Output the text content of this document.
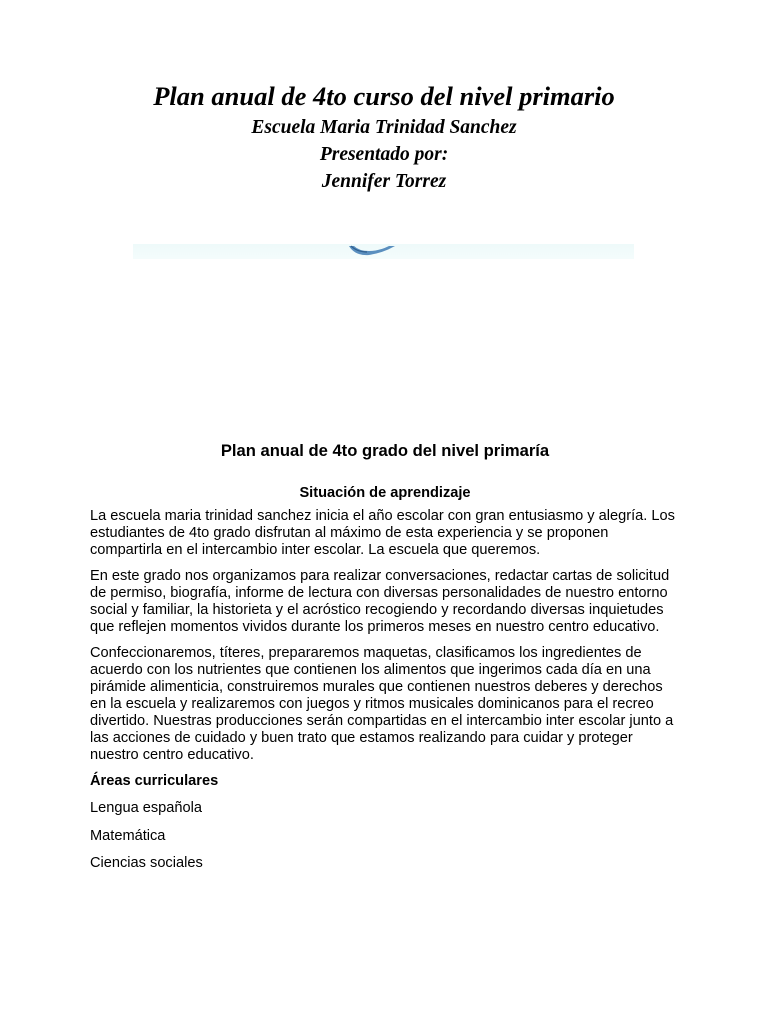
Plan anual de 4to curso del nivel primario

Escuela Maria Trinidad Sanchez

Presentado por:

Jennifer Torrez

Plan anual de 4to grado del nivel primaría

Situación de aprendizaje

La escuela maria trinidad sanchez inicia el año escolar con gran entusiasmo y alegría. Los estudiantes de 4to grado disfrutan al máximo de esta experiencia y se proponen compartirla en el intercambio inter escolar. La escuela que queremos.

En este grado nos organizamos para realizar conversaciones, redactar cartas de solicitud de permiso, biografía, informe de lectura con diversas personalidades de nuestro entorno social y familiar, la historieta y el acróstico recogiendo y recordando diversas inquietudes que reflejen momentos vividos durante los primeros meses en nuestro centro educativo.

Confeccionaremos, títeres, prepararemos maquetas, clasificamos los ingredientes de acuerdo con los nutrientes que contienen los alimentos que ingerimos cada día en una pirámide alimenticia, construiremos murales que contienen nuestros deberes y derechos en la escuela y realizaremos con juegos y ritmos musicales dominicanos para el recreo divertido. Nuestras producciones serán compartidas en el intercambio inter escolar junto a las acciones de cuidado y buen trato que estamos realizando para cuidar y proteger nuestro centro educativo.

Áreas curriculares

Lengua española

Matemática

Ciencias sociales
